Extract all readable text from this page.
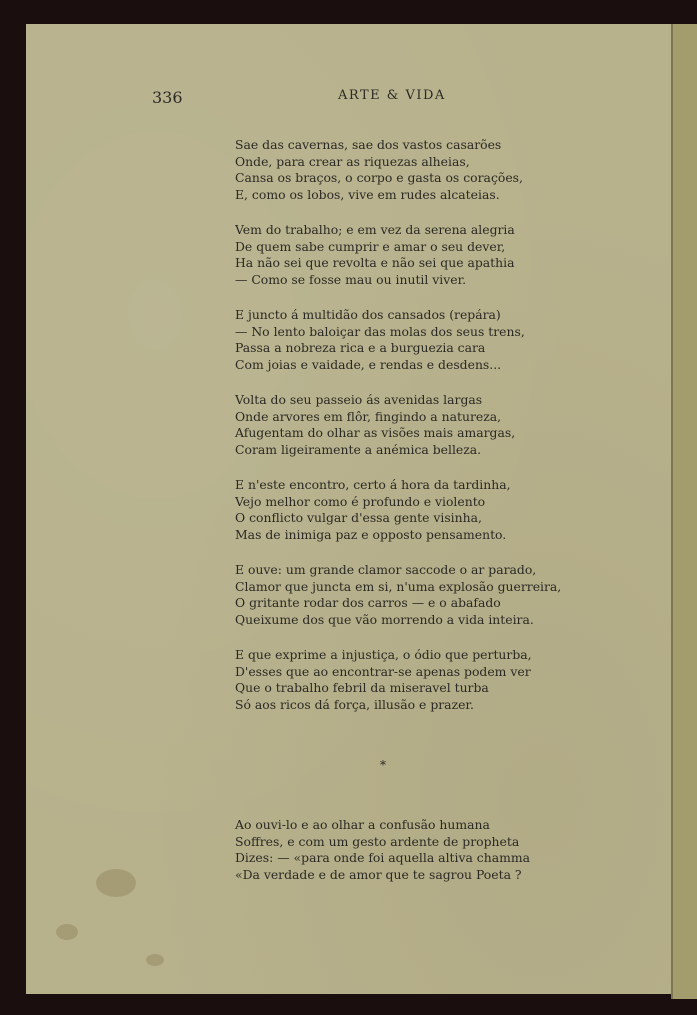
336	ARTE & VIDA
Sae das cavernas, sae dos vastos casarões
Onde, para crear as riquezas alheias,
Cansa os braços, o corpo e gasta os corações,
E, como os lobos, vive em rudes alcateias.
Vem do trabalho; e em vez da serena alegria
De quem sabe cumprir e amar o seu dever,
Ha não sei que revolta e não sei que apathia
— Como se fosse mau ou inutil viver.
E juncto á multidão dos cansados (repára)
— No lento baloiçar das molas dos seus trens,
Passa a nobreza rica e a burguezia cara
Com joias e vaidade, e rendas e desdens...
Volta do seu passeio ás avenidas largas
Onde arvores em flôr, fingindo a natureza,
Afugentam do olhar as visões mais amargas,
Coram ligeiramente a anémica belleza.
E n'este encontro, certo á hora da tardinha,
Vejo melhor como é profundo e violento
O conflicto vulgar d'essa gente visinha,
Mas de inimiga paz e opposto pensamento.
E ouve: um grande clamor saccode o ar parado,
Clamor que juncta em si, n'uma explosão guerreira,
O gritante rodar dos carros — e o abafado
Queixume dos que vão morrendo a vida inteira.
E que exprime a injustiça, o ódio que perturba,
D'esses que ao encontrar-se apenas podem ver
Que o trabalho febril da miseravel turba
Só aos ricos dá força, illusão e prazer.
Ao ouvi-lo e ao olhar a confusão humana
Soffres, e com um gesto ardente de propheta
Dizes: — «para onde foi aquella altiva chamma
«Da verdade e de amor que te sagrou Poeta ?
*
